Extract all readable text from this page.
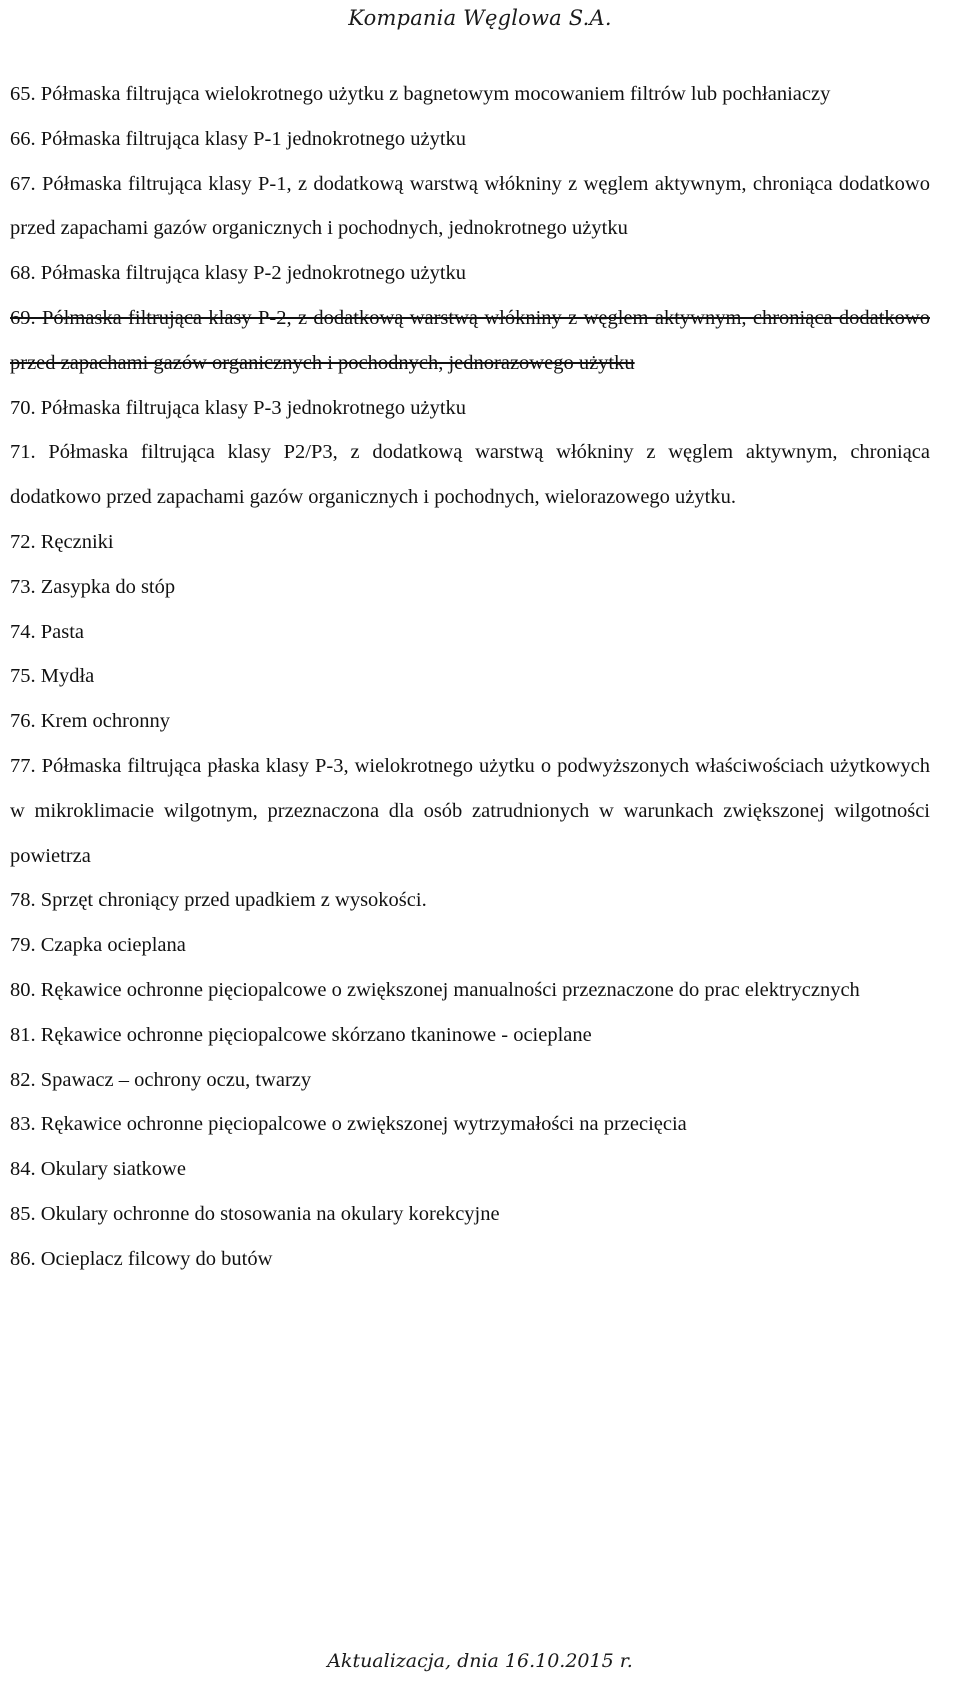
Kompania Węglowa S.A.
65. Półmaska filtrująca wielokrotnego użytku z bagnetowym mocowaniem filtrów lub pochłaniaczy
66. Półmaska filtrująca klasy P-1 jednokrotnego użytku
67. Półmaska filtrująca klasy P-1, z dodatkową warstwą włókniny z węglem aktywnym, chroniąca dodatkowo przed zapachami gazów organicznych i pochodnych, jednokrotnego użytku
68. Półmaska filtrująca klasy P-2 jednokrotnego użytku
69. Półmaska filtrująca klasy P-2, z dodatkową warstwą włókniny z węglem aktywnym, chroniąca dodatkowo przed zapachami gazów organicznych i pochodnych, jednorazowego użytku
70. Półmaska filtrująca klasy P-3 jednokrotnego użytku
71. Półmaska filtrująca klasy P2/P3, z dodatkową warstwą włókniny z węglem aktywnym, chroniąca dodatkowo przed zapachami gazów organicznych i pochodnych, wielorazowego użytku.
72. Ręczniki
73. Zasypka do stóp
74. Pasta
75. Mydła
76. Krem ochronny
77. Półmaska filtrująca płaska klasy P-3, wielokrotnego użytku o podwyższonych właściwościach użytkowych w mikroklimacie wilgotnym, przeznaczona dla osób zatrudnionych w warunkach zwiększonej wilgotności powietrza
78. Sprzęt chroniący przed upadkiem z wysokości.
79. Czapka ocieplana
80. Rękawice ochronne pięciopalcowe o zwiększonej manualności przeznaczone do prac elektrycznych
81. Rękawice ochronne pięciopalcowe skórzano tkaninowe - ocieplane
82. Spawacz – ochrony oczu, twarzy
83. Rękawice ochronne pięciopalcowe o zwiększonej wytrzymałości na przecięcia
84. Okulary siatkowe
85. Okulary ochronne do stosowania na okulary korekcyjne
86. Ocieplacz filcowy do butów
Aktualizacja, dnia 16.10.2015 r.
